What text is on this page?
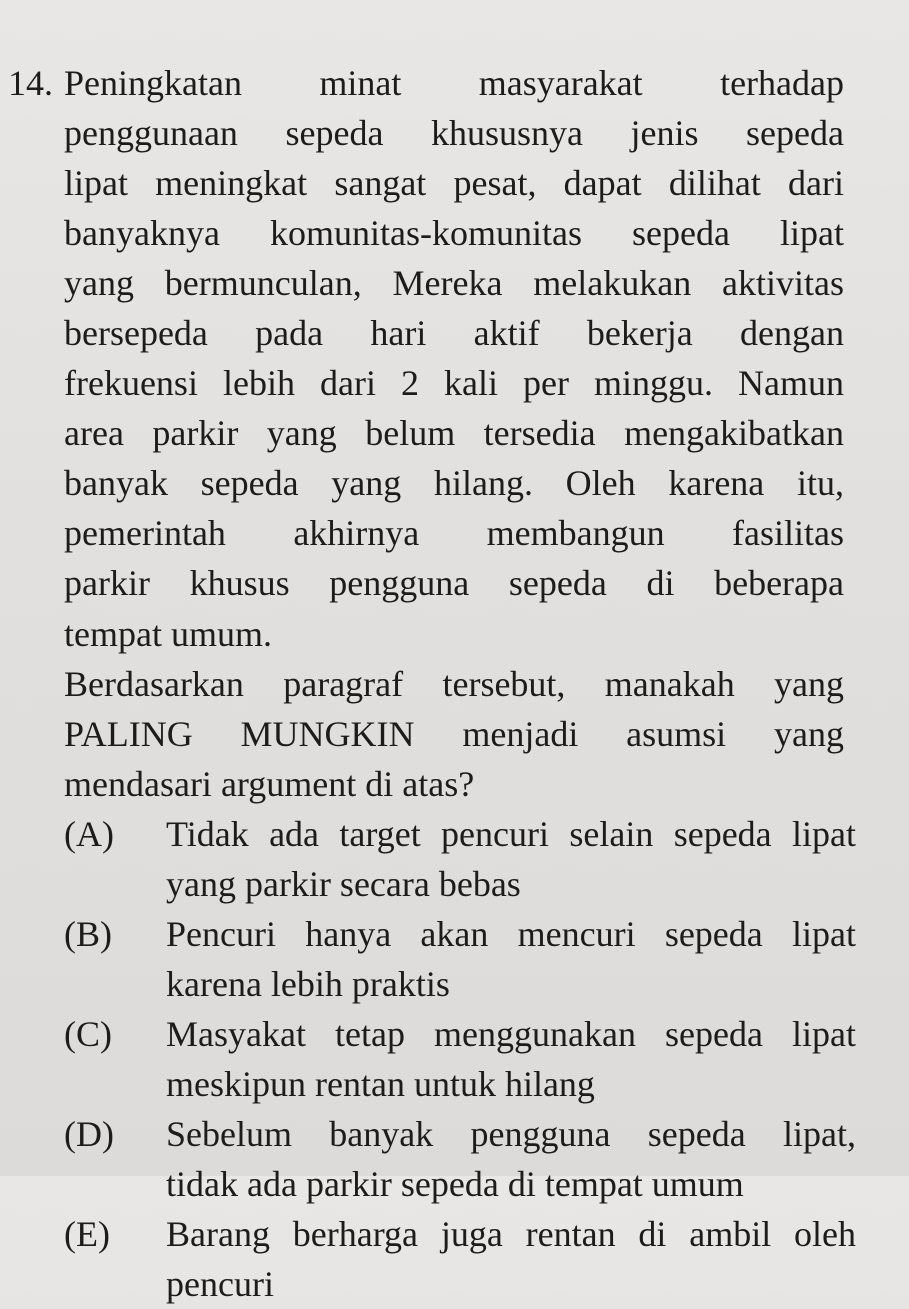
14. Peningkatan minat masyarakat terhadap
penggunaan sepeda khususnya jenis sepeda
lipat meningkat sangat pesat, dapat dilihat dari
banyaknya komunitas-komunitas sepeda lipat
yang bermunculan, Mereka melakukan aktivitas
bersepeda pada hari aktif bekerja dengan
frekuensi lebih dari 2 kali per minggu. Namun
area parkir yang belum tersedia mengakibatkan
banyak sepeda yang hilang. Oleh karena itu,
pemerintah akhirnya membangun fasilitas
parkir khusus pengguna sepeda di beberapa
tempat umum.
Berdasarkan paragraf tersebut, manakah yang
PALING MUNGKIN menjadi asumsi yang
mendasari argument di atas?
(A) Tidak ada target pencuri selain sepeda lipat
yang parkir secara bebas
(B) Pencuri hanya akan mencuri sepeda lipat
karena lebih praktis
(C) Masyakat tetap menggunakan sepeda lipat
meskipun rentan untuk hilang
(D) Sebelum banyak pengguna sepeda lipat,
tidak ada parkir sepeda di tempat umum
(E) Barang berharga juga rentan di ambil oleh
pencuri
